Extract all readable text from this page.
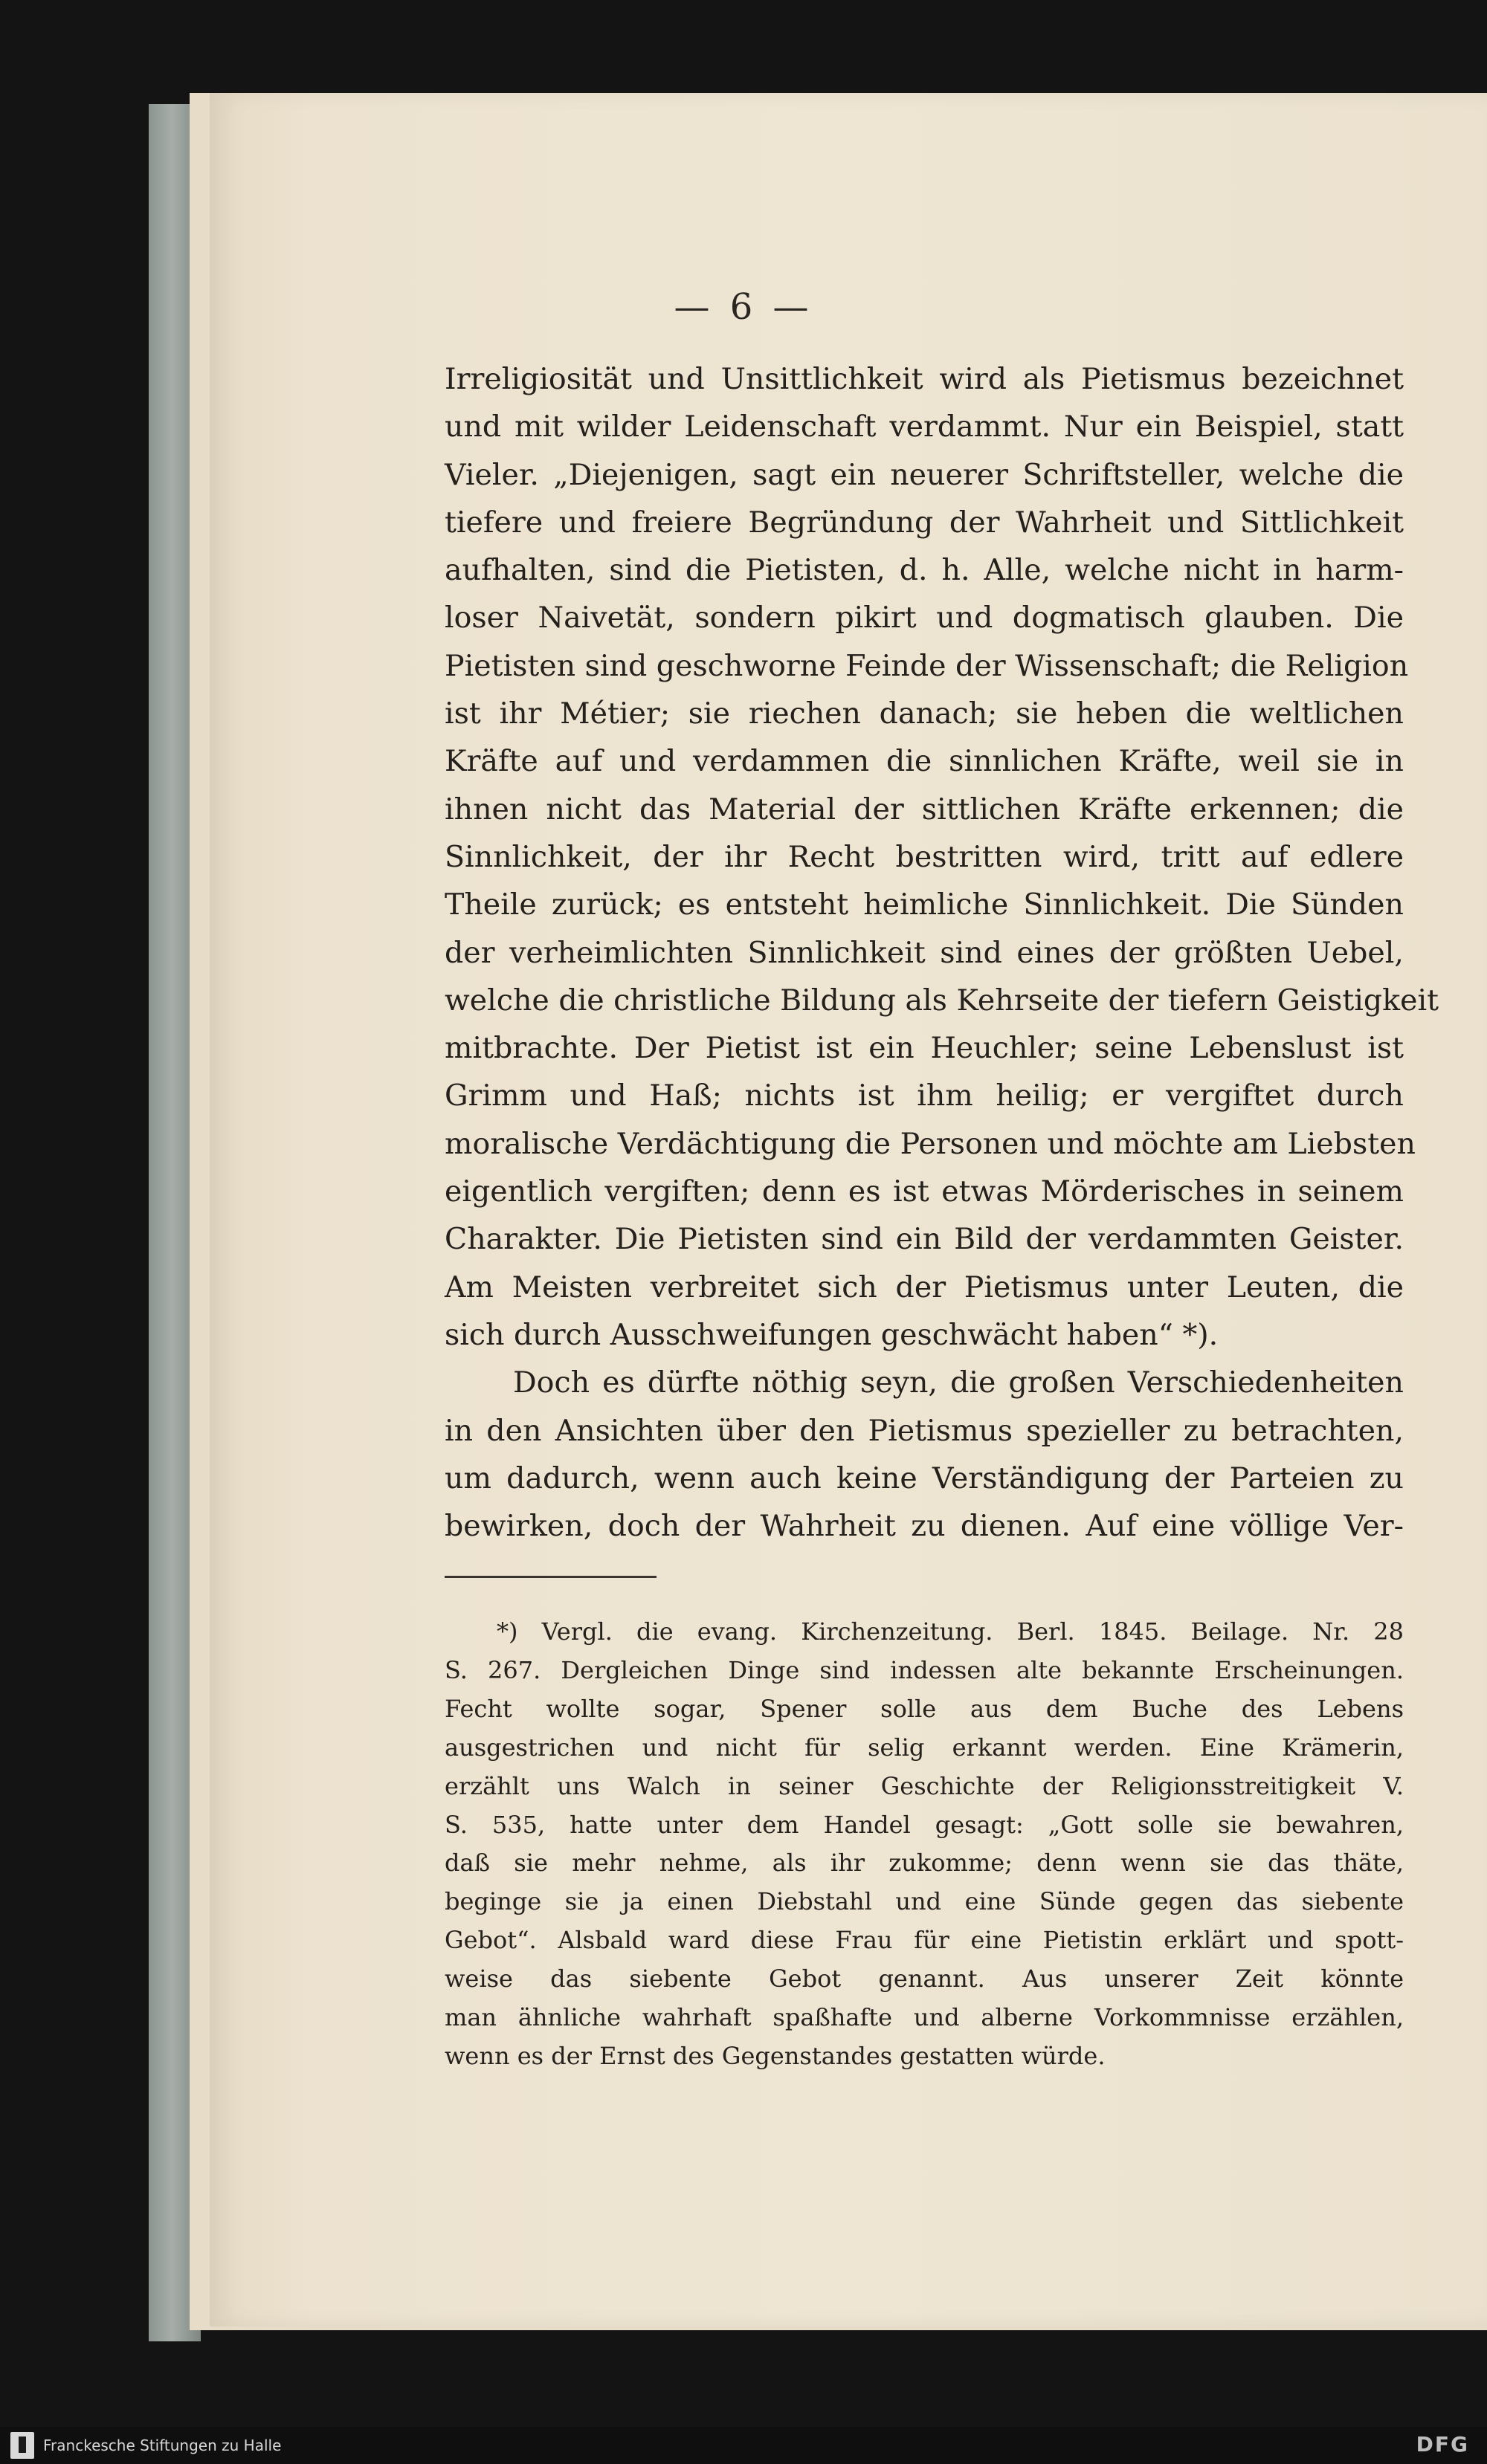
— 6 —
Irreligiosität und Unsittlichkeit wird als Pietismus bezeichnet
und mit wilder Leidenschaft verdammt. Nur ein Beispiel, statt
Vieler. „Diejenigen, sagt ein neuerer Schriftsteller, welche die
tiefere und freiere Begründung der Wahrheit und Sittlichkeit
aufhalten, sind die Pietisten, d. h. Alle, welche nicht in harm-
loser Naivetät, sondern pikirt und dogmatisch glauben. Die
Pietisten sind geschworne Feinde der Wissenschaft; die Religion
ist ihr Métier; sie riechen danach; sie heben die weltlichen
Kräfte auf und verdammen die sinnlichen Kräfte, weil sie in
ihnen nicht das Material der sittlichen Kräfte erkennen; die
Sinnlichkeit, der ihr Recht bestritten wird, tritt auf edlere
Theile zurück; es entsteht heimliche Sinnlichkeit. Die Sünden
der verheimlichten Sinnlichkeit sind eines der größten Uebel,
welche die christliche Bildung als Kehrseite der tiefern Geistigkeit
mitbrachte. Der Pietist ist ein Heuchler; seine Lebenslust ist
Grimm und Haß; nichts ist ihm heilig; er vergiftet durch
moralische Verdächtigung die Personen und möchte am Liebsten
eigentlich vergiften; denn es ist etwas Mörderisches in seinem
Charakter. Die Pietisten sind ein Bild der verdammten Geister.
Am Meisten verbreitet sich der Pietismus unter Leuten, die
sich durch Ausschweifungen geschwächt haben“ *).
Doch es dürfte nöthig seyn, die großen Verschiedenheiten
in den Ansichten über den Pietismus spezieller zu betrachten,
um dadurch, wenn auch keine Verständigung der Parteien zu
bewirken, doch der Wahrheit zu dienen. Auf eine völlige Ver-
*) Vergl. die evang. Kirchenzeitung. Berl. 1845. Beilage. Nr. 28
S. 267. Dergleichen Dinge sind indessen alte bekannte Erscheinungen.
Fecht wollte sogar, Spener solle aus dem Buche des Lebens
ausgestrichen und nicht für selig erkannt werden. Eine Krämerin,
erzählt uns Walch in seiner Geschichte der Religionsstreitigkeit V.
S. 535, hatte unter dem Handel gesagt: „Gott solle sie bewahren,
daß sie mehr nehme, als ihr zukomme; denn wenn sie das thäte,
beginge sie ja einen Diebstahl und eine Sünde gegen das siebente
Gebot“. Alsbald ward diese Frau für eine Pietistin erklärt und spott-
weise das siebente Gebot genannt. Aus unserer Zeit könnte
man ähnliche wahrhaft spaßhafte und alberne Vorkommnisse erzählen,
wenn es der Ernst des Gegenstandes gestatten würde.
Franckesche Stiftungen zu Halle	DFG
